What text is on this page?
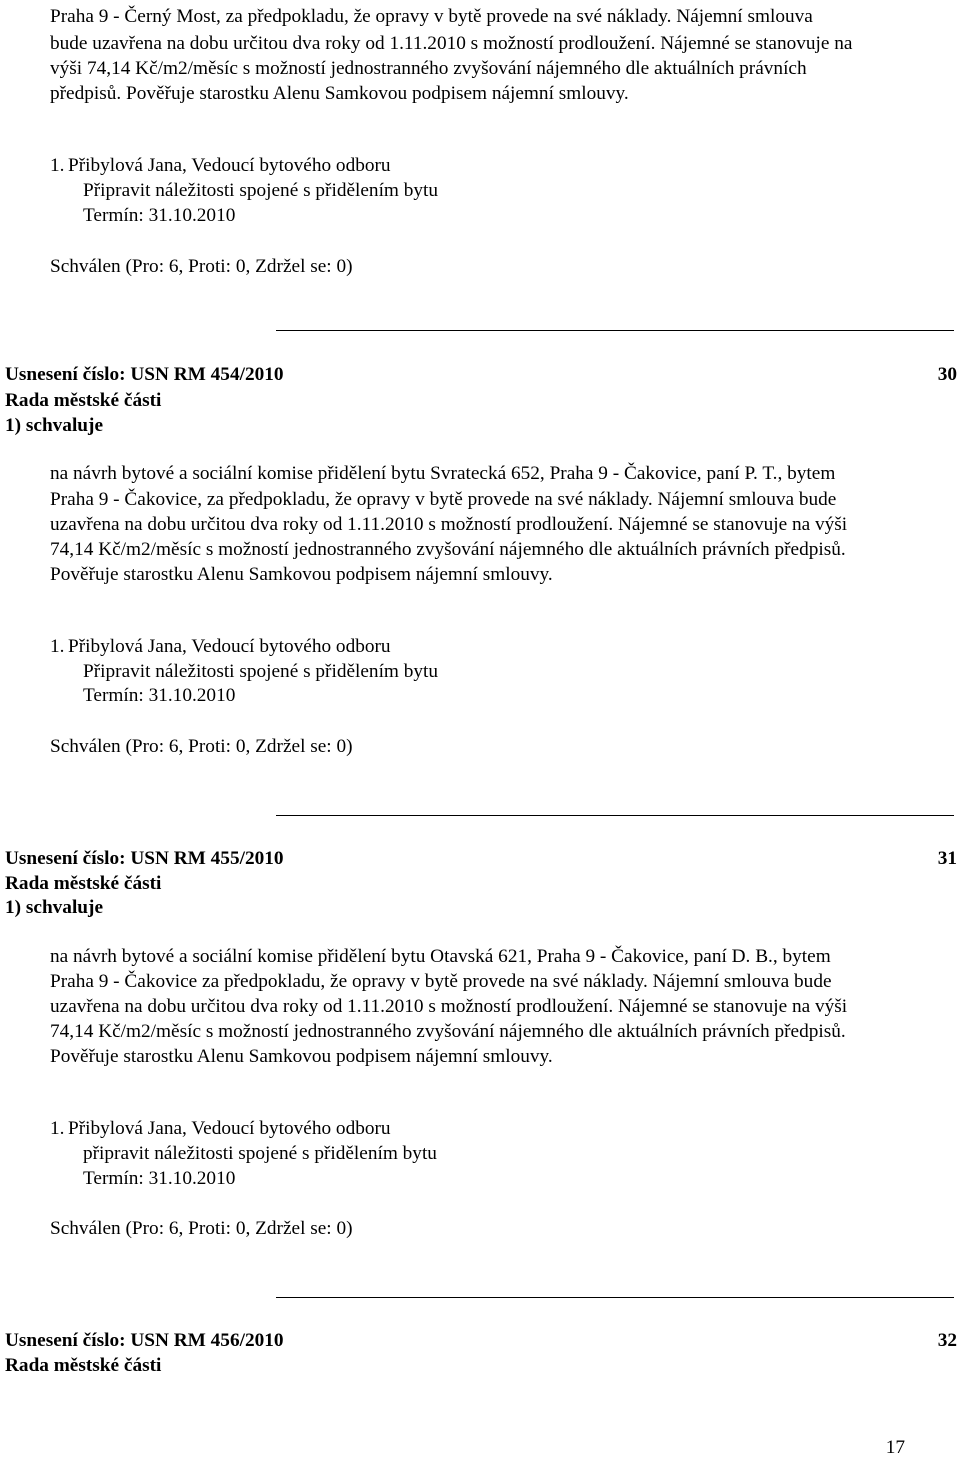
Praha 9 - Černý Most, za předpokladu, že opravy v bytě provede na své náklady. Nájemní smlouva
bude uzavřena na dobu určitou dva roky od 1.11.2010 s možností prodloužení. Nájemné se stanovuje na
výši 74,14 Kč/m2/měsíc s možností jednostranného zvyšování nájemného dle aktuálních právních
předpisů. Pověřuje starostku Alenu Samkovou podpisem nájemní smlouvy.
1. Přibylová Jana, Vedoucí bytového odboru
Připravit náležitosti spojené s přidělením bytu
Termín: 31.10.2010
Schválen (Pro: 6, Proti: 0, Zdržel se: 0)
Usnesení číslo: USN RM 454/2010	30
Rada městské části
1) schvaluje
na návrh bytové a sociální komise přidělení bytu Svratecká 652, Praha 9 - Čakovice, paní P. T., bytem
Praha 9 - Čakovice, za předpokladu, že opravy v bytě provede na své náklady. Nájemní smlouva bude
uzavřena na dobu určitou dva roky od 1.11.2010 s možností prodloužení. Nájemné se stanovuje na výši
74,14 Kč/m2/měsíc s možností jednostranného zvyšování nájemného dle aktuálních právních předpisů.
Pověřuje starostku Alenu Samkovou podpisem nájemní smlouvy.
1. Přibylová Jana, Vedoucí bytového odboru
Připravit náležitosti spojené s přidělením bytu
Termín: 31.10.2010
Schválen (Pro: 6, Proti: 0, Zdržel se: 0)
Usnesení číslo: USN RM 455/2010	31
Rada městské části
1) schvaluje
na návrh bytové a sociální komise přidělení bytu Otavská 621, Praha 9 - Čakovice, paní D. B., bytem
Praha 9 - Čakovice za předpokladu, že opravy v bytě provede na své náklady. Nájemní smlouva bude
uzavřena na dobu určitou dva roky od 1.11.2010 s možností prodloužení. Nájemné se stanovuje na výši
74,14 Kč/m2/měsíc s možností jednostranného zvyšování nájemného dle aktuálních právních předpisů.
Pověřuje starostku Alenu Samkovou podpisem nájemní smlouvy.
1. Přibylová Jana, Vedoucí bytového odboru
připravit náležitosti spojené s přidělením bytu
Termín: 31.10.2010
Schválen (Pro: 6, Proti: 0, Zdržel se: 0)
Usnesení číslo: USN RM 456/2010	32
Rada městské části
17
